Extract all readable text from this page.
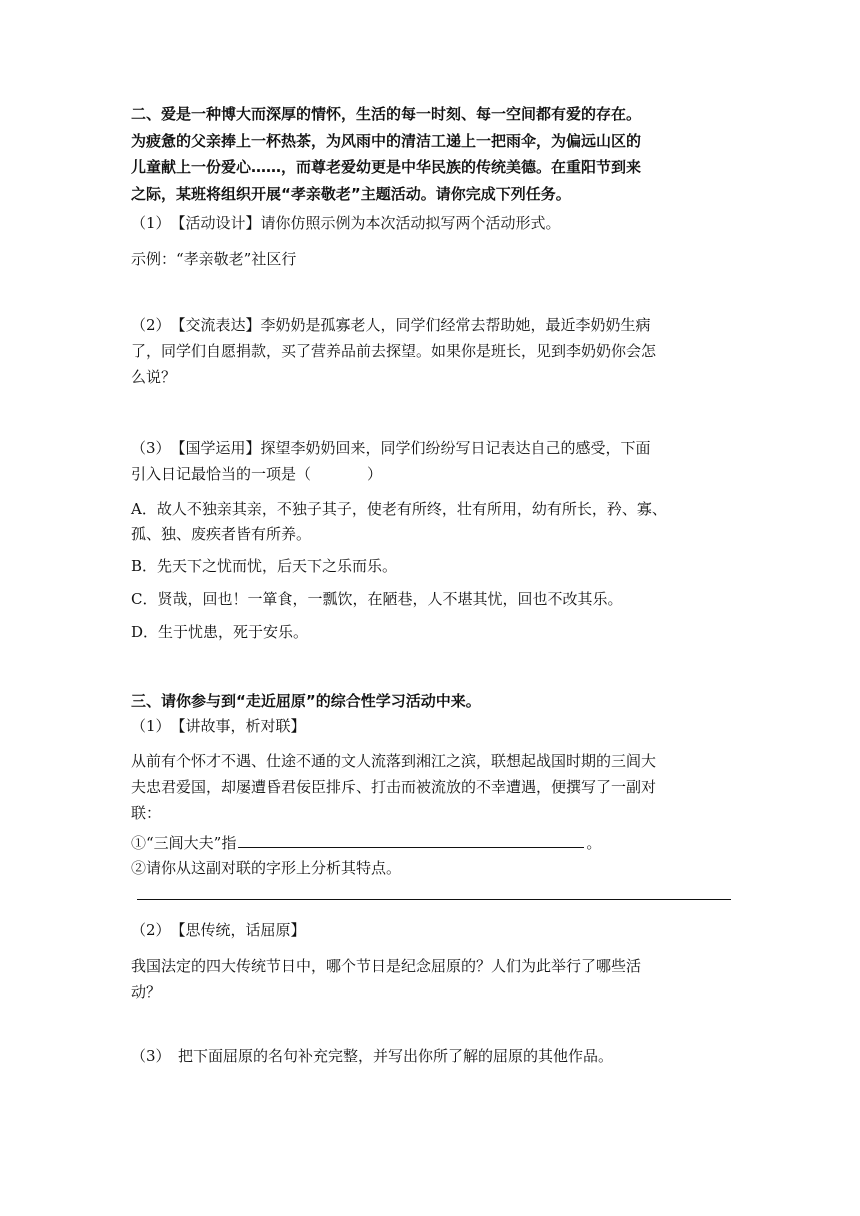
二、爱是一种博大而深厚的情怀，生活的每一时刻、每一空间都有爱的存在。
为疲惫的父亲捧上一杯热茶，为风雨中的清洁工递上一把雨伞，为偏远山区的
儿童献上一份爱心……，而尊老爱幼更是中华民族的传统美德。在重阳节到来
之际，某班将组织开展“孝亲敬老”主题活动。请你完成下列任务。
（1）　【活动设计】请你仿照示例为本次活动拟写两个活动形式。
示例：“孝亲敬老”社区行
（2）　【交流表达】李奶奶是孤寡老人，同学们经常去帮助她，最近李奶奶生病
了，同学们自愿捐款，买了营养品前去探望。如果你是班长，见到李奶奶你会怎
么说？
（3）　【国学运用】探望李奶奶回来，同学们纷纷写日记表达自己的感受，下面
引入日记最恰当的一项是（	）
A．故人不独亲其亲，不独子其子，使老有所终，壮有所用，幼有所长，矜、寡、
孤、独、废疾者皆有所养。
B．先天下之忧而忧，后天下之乐而乐。
C．贤哉，回也！一箪食，一瓢饮，在陋巷，人不堪其忧，回也不改其乐。
D．生于忧患，死于安乐。
三、请你参与到“走近屈原”的综合性学习活动中来。
（1）　【讲故事，析对联】
从前有个怀才不遇、仕途不通的文人流落到湘江之滨，联想起战国时期的三闾大
夫忠君爱国，却屡遭昏君佞臣排斥、打击而被流放的不幸遭遇，便撰写了一副对
联：
①“三闾大夫”指	。
②请你从这副对联的字形上分析其特点。
（2）　【思传统，话屈原】
我国法定的四大传统节日中，哪个节日是纪念屈原的？人们为此举行了哪些活
动？
（3）　把下面屈原的名句补充完整，并写出你所了解的屈原的其他作品。
